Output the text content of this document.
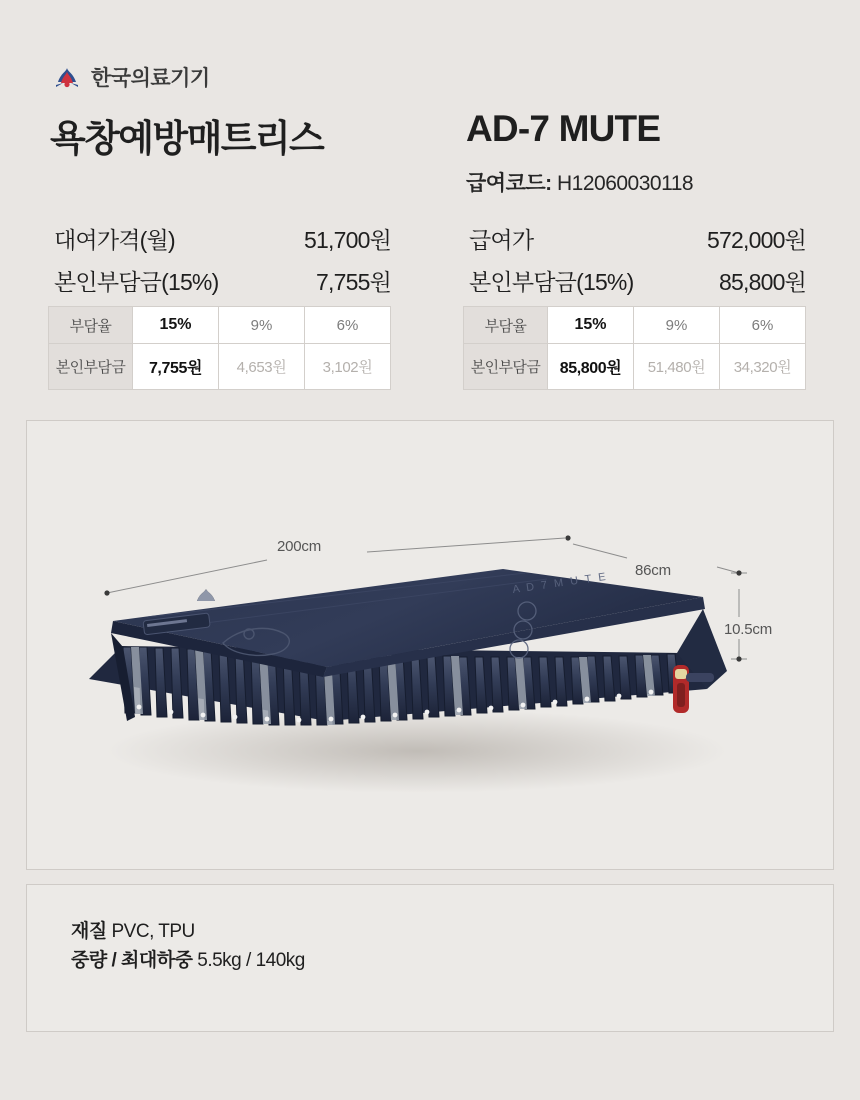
한국의료기기
욕창예방매트리스	AD-7 MUTE
급여코드: H12060030118
대여가격(월)	51,700원
본인부담금(15%)	7,755원
부담율	15%	9%	6%
본인부담금	7,755원	4,653원	3,102원
급여가	572,000원
본인부담금(15%)	85,800원
부담율	15%	9%	6%
본인부담금	85,800원	51,480원	34,320원
A D 7 M U T E
200cm
86cm
10.5cm
재질 PVC, TPU
중량 / 최대하중 5.5kg / 140kg
